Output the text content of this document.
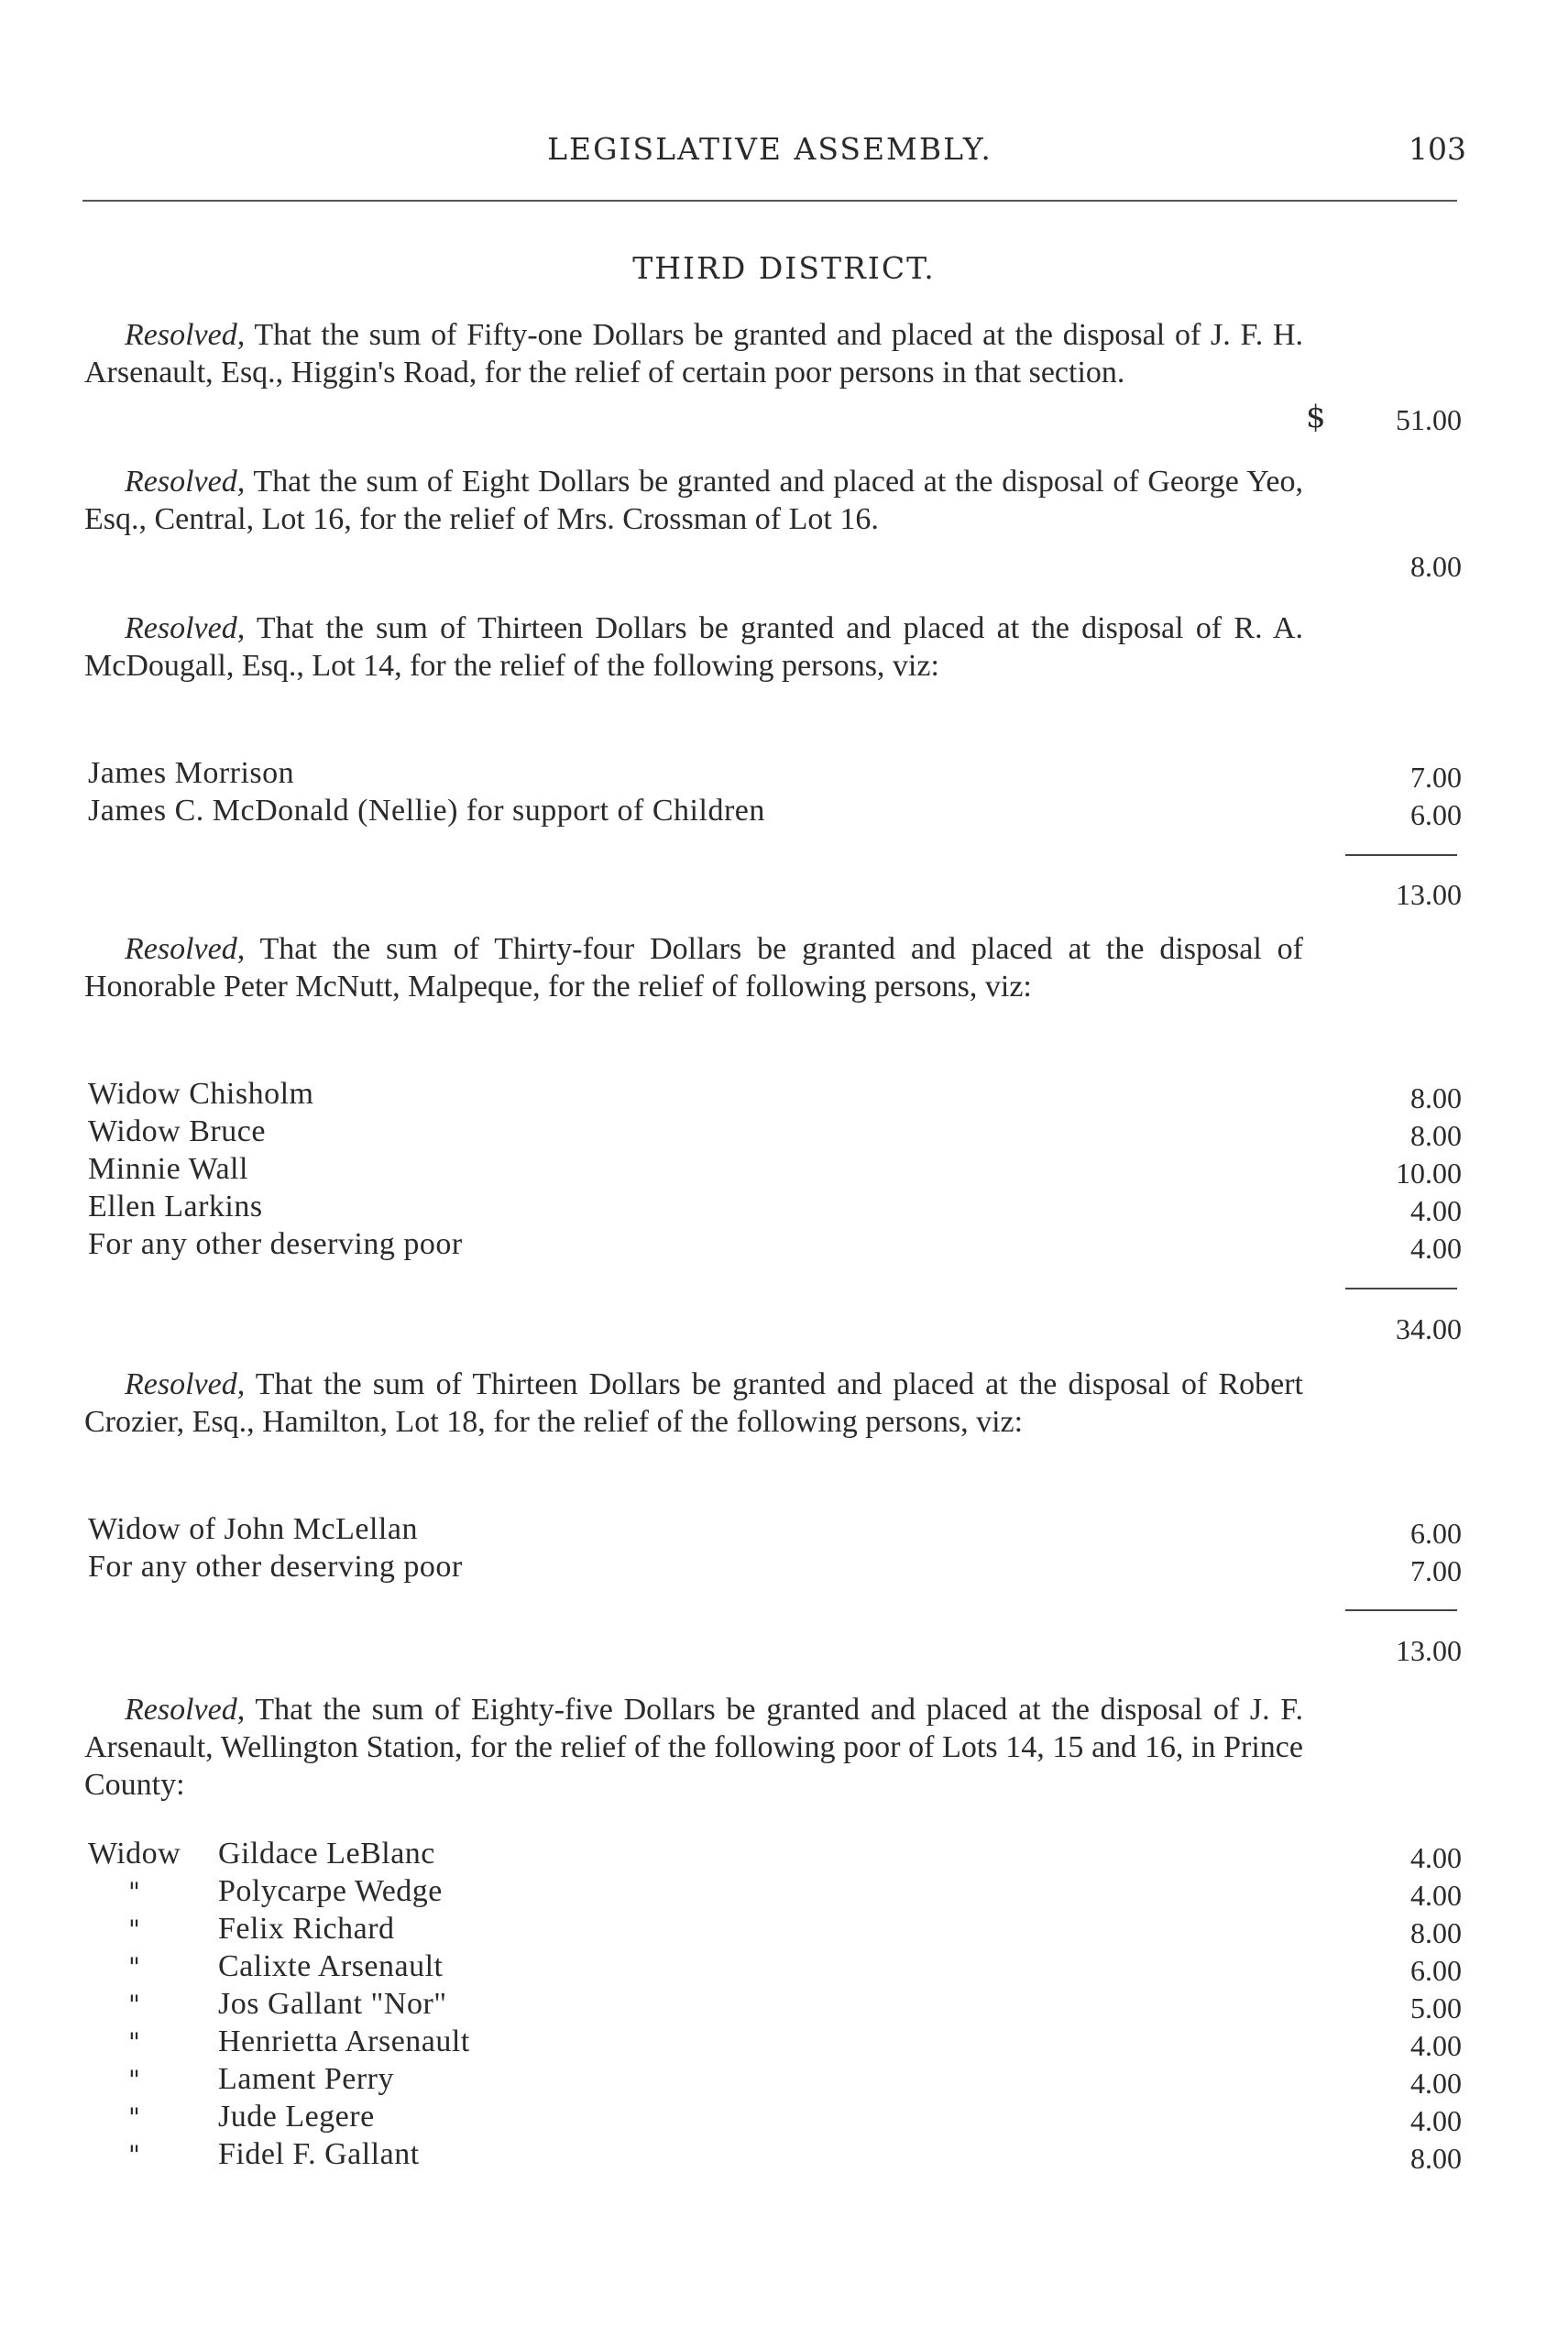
LEGISLATIVE ASSEMBLY.	103
THIRD DISTRICT.
Resolved, That the sum of Fifty-one Dollars be granted and placed at the disposal of J. F. H. Arsenault, Esq., Higgin's Road, for the relief of certain poor persons in that section.
$	51.00
Resolved, That the sum of Eight Dollars be granted and placed at the disposal of George Yeo, Esq., Central, Lot 16, for the relief of Mrs. Crossman of Lot 16.
8.00
Resolved, That the sum of Thirteen Dollars be granted and placed at the disposal of R. A. McDougall, Esq., Lot 14, for the relief of the following persons, viz:
James Morrison	7.00
James C. McDonald (Nellie) for support of Children	6.00
13.00
Resolved, That the sum of Thirty-four Dollars be granted and placed at the disposal of Honorable Peter McNutt, Malpeque, for the relief of following persons, viz:
Widow Chisholm	8.00
Widow Bruce	8.00
Minnie Wall	10.00
Ellen Larkins	4.00
For any other deserving poor	4.00
34.00
Resolved, That the sum of Thirteen Dollars be granted and placed at the disposal of Robert Crozier, Esq., Hamilton, Lot 18, for the relief of the following persons, viz:
Widow of John McLellan	6.00
For any other deserving poor	7.00
13.00
Resolved, That the sum of Eighty-five Dollars be granted and placed at the disposal of J. F. Arsenault, Wellington Station, for the relief of the following poor of Lots 14, 15 and 16, in Prince County:
Widow Gildace LeBlanc	4.00
"	Polycarpe Wedge	4.00
"	Felix Richard	8.00
"	Calixte Arsenault	6.00
"	Jos Gallant "Nor"	5.00
"	Henrietta Arsenault	4.00
"	Lament Perry	4.00
"	Jude Legere	4.00
"	Fidel F. Gallant	8.00
